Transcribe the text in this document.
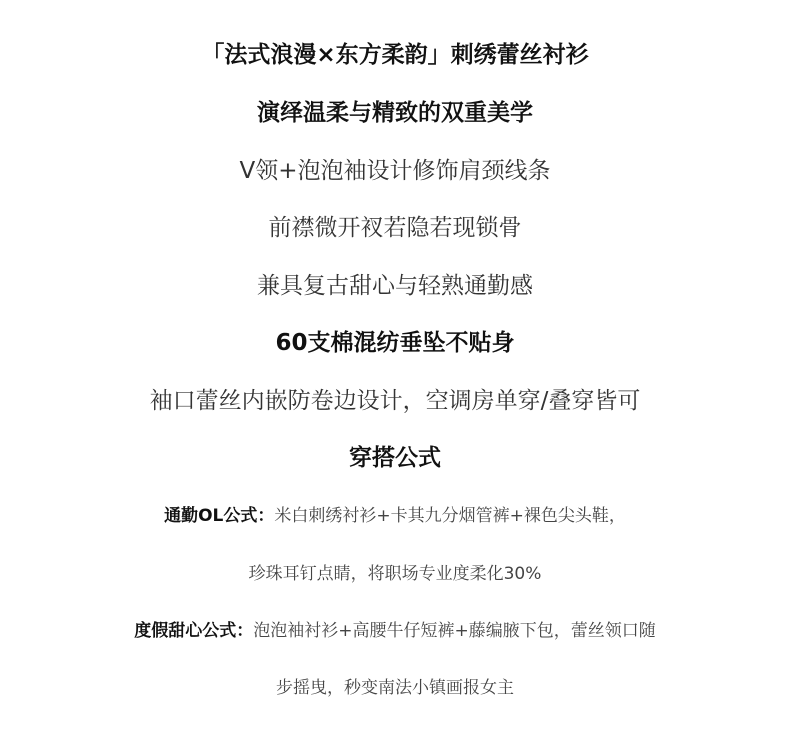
「法式浪漫×东方柔韵」刺绣蕾丝衬衫
演绎温柔与精致的双重美学
V领+泡泡袖设计修饰肩颈线条
前襟微开衩若隐若现锁骨
兼具复古甜心与轻熟通勤感
60支棉混纺垂坠不贴身
袖口蕾丝内嵌防卷边设计，空调房单穿/叠穿皆可
穿搭公式
通勤OL公式：米白刺绣衬衫+卡其九分烟管裤+裸色尖头鞋，
珍珠耳钉点睛，将职场专业度柔化30%
度假甜心公式：泡泡袖衬衫+高腰牛仔短裤+藤编腋下包，蕾丝领口随
步摇曳，秒变南法小镇画报女主
